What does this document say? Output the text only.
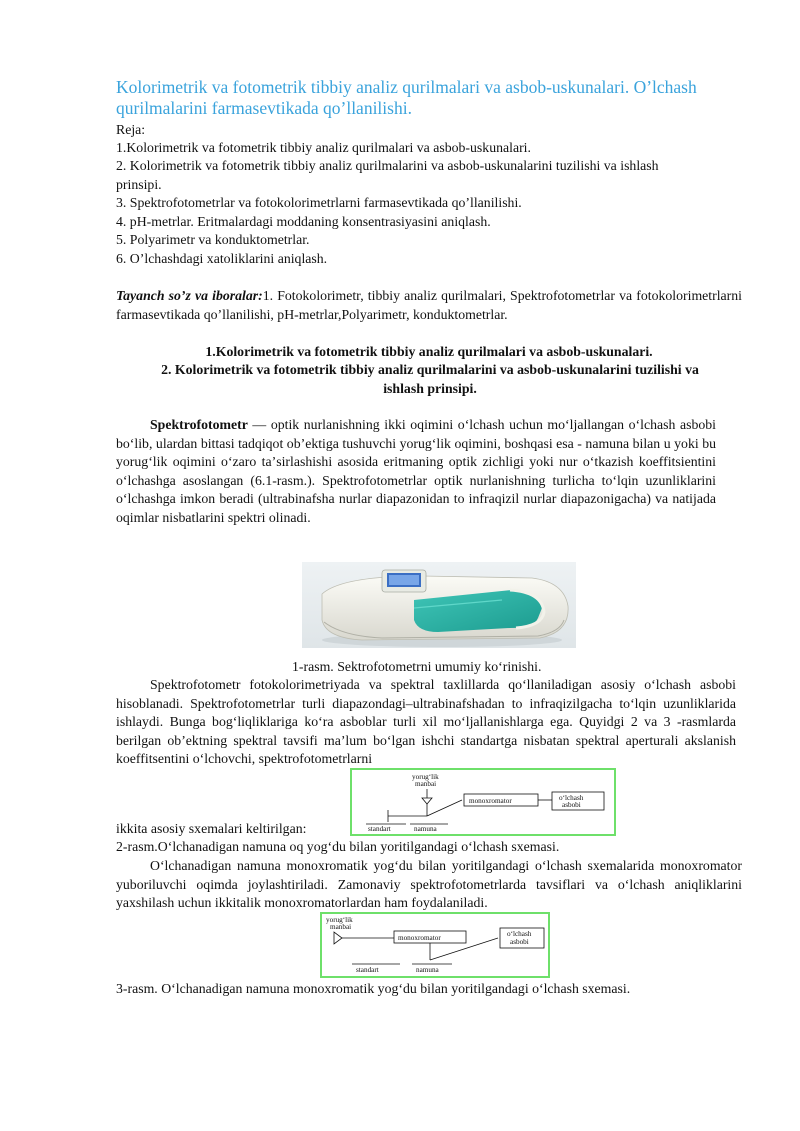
Kolorimetrik va fotometrik tibbiy analiz qurilmalari va asbob-uskunalari. O’lchash qurilmalarini farmasevtikada qo’llanilishi.
Reja:
1.Kolorimetrik va fotometrik tibbiy analiz qurilmalari va asbob-uskunalari.
2. Kolorimetrik va fotometrik tibbiy analiz qurilmalarini va asbob-uskunalarini tuzilishi va ishlash
prinsipi.
3. Spektrofotometrlar va fotokolorimetrlarni farmasevtikada qo’llanilishi.
4. pH-metrlar. Eritmalardagi moddaning konsentrasiyasini aniqlash.
5. Polyarimetr va konduktometrlar.
6. O’lchashdagi xatoliklarini aniqlash.
Tayanch so’z va iboralar:1. Fotokolorimetr, tibbiy analiz qurilmalari, Spektrofotometrlar va fotokolorimetrlarni farmasevtikada qo’llanilishi, pH-metrlar,Polyarimetr, konduktometrlar.
1.Kolorimetrik va fotometrik tibbiy analiz qurilmalari va asbob-uskunalari.
2. Kolorimetrik va fotometrik tibbiy analiz qurilmalarini va asbob-uskunalarini tuzilishi va ishlash prinsipi.
Spektrofotometr — optik nurlanishning ikki oqimini oʻlchash uchun moʻljallangan oʻlchash asbobi boʻlib, ulardan bittasi tadqiqot obʼektiga tushuvchi yorugʻlik oqimini, boshqasi esa - namuna bilan u yoki bu yorugʻlik oqimini oʻzaro taʼsirlashishi asosida eritmaning optik zichligi yoki nur oʻtkazish koeffitsientini oʻlchashga asoslangan (6.1-rasm.). Spektrofotometrlar optik nurlanishning turlicha toʻlqin uzunliklarini oʻlchashga imkon beradi (ultrabinafsha nurlar diapazonidan to infraqizil nurlar diapazonigacha) va natijada oqimlar nisbatlarini spektri olinadi.
1-rasm. Sektrofotometrni umumiy koʻrinishi.
Spektrofotometr fotokolorimetriyada va spektral taxlillarda qoʻllaniladigan asosiy oʻlchash asbobi hisoblanadi. Spektrofotometrlar turli diapazondagi–ultrabinafshadan to infraqizilgacha toʻlqin uzunliklarida ishlaydi. Bunga bogʻliqliklariga koʻra asboblar turli xil moʻljallanishlarga ega. Quyidgi 2 va 3 -rasmlarda berilgan obʼektning spektral tavsifi maʼlum boʻlgan ishchi standartga nisbatan spektral aperturali akslanish koeffitsentini oʻlchovchi, spektrofotometrlarni
ikkita asosiy sxemalari keltirilgan:
yorugʻlik
manbai
monoxromator	oʻlchash
asbobi
standart	namuna
2-rasm.Oʻlchanadigan namuna oq yogʻdu bilan yoritilgandagi oʻlchash sxemasi.
Oʻlchanadigan namuna monoxromatik yogʻdu bilan yoritilgandagi oʻlchash sxemalarida monoxromator yuboriluvchi oqimda joylashtiriladi. Zamonaviy spektrofotometrlarda tavsiflari va oʻlchash aniqliklarini yaxshilash uchun ikkitalik monoxromatorlardan ham foydalaniladi.
yorugʻlik
manbai
monoxromator	oʻlchash
asbobi
standart	namuna
3-rasm. Oʻlchanadigan namuna monoxromatik yogʻdu bilan yoritilgandagi oʻlchash sxemasi.
